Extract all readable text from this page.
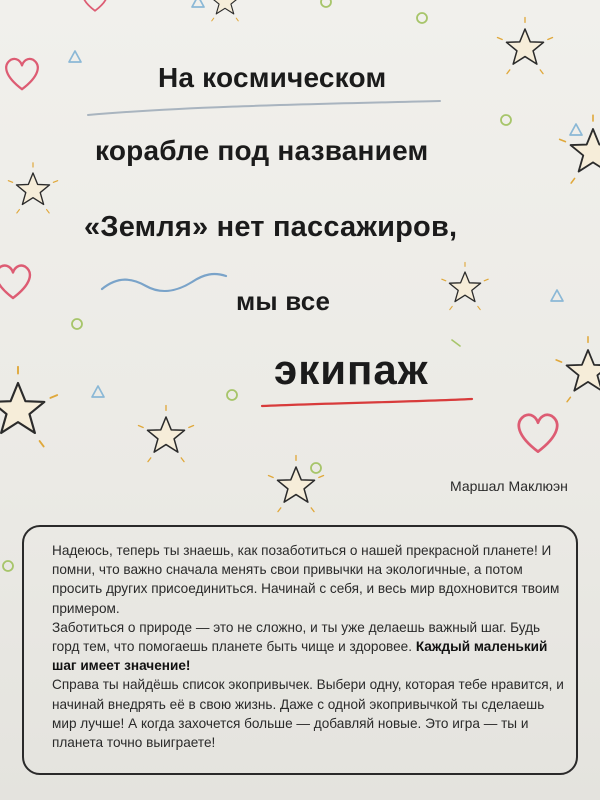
На космическом

корабле под названием

«Земля» нет пассажиров,

мы все

экипаж

Маршал Маклюэн

Надеюсь, теперь ты знаешь, как позаботиться о нашей прекрасной планете! И помни, что важно сначала менять свои привычки на экологичные, а потом просить других присоединиться. Начинай с себя, и весь мир вдохновится твоим примером.

Заботиться о природе — это не сложно, и ты уже делаешь важный шаг. Будь горд тем, что помогаешь планете быть чище и здоровее. Каждый маленький шаг имеет значение!

Справа ты найдёшь список экопривычек. Выбери одну, которая тебе нравится, и начинай внедрять её в свою жизнь. Даже с одной экопривычкой ты сделаешь мир лучше! А когда захочется больше — добавляй новые. Это игра — ты и планета точно выиграете!
